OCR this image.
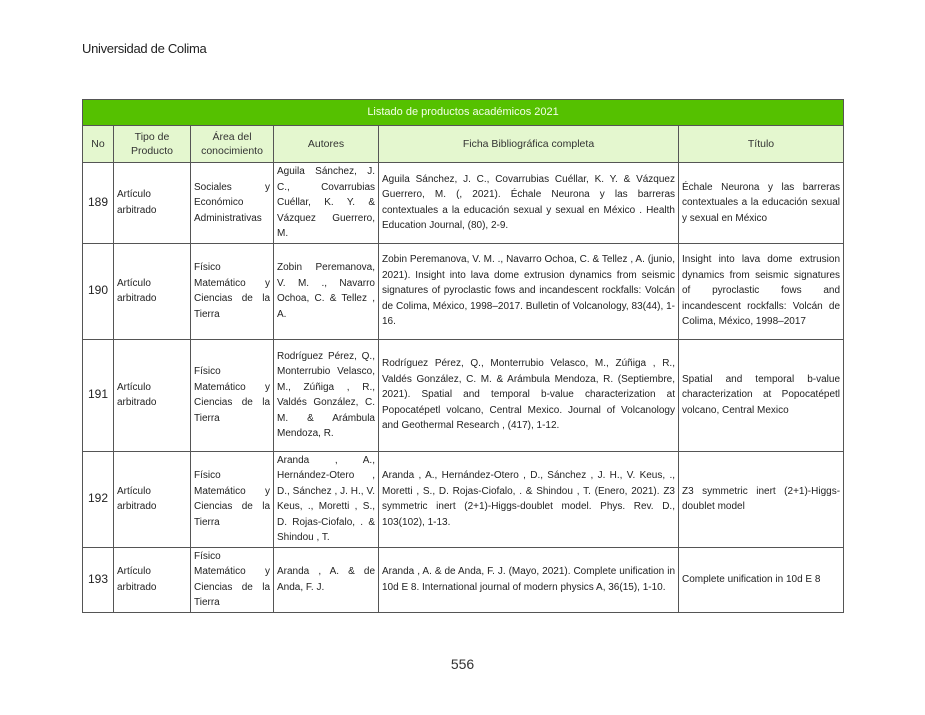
Universidad de Colima
Listado de productos académicos 2021					
No	Tipo de Producto	Área del conocimiento	Autores	Ficha Bibliográfica completa	Título
189	Artículo arbitrado	Sociales y Económico Administrativas	Aguila Sánchez, J. C., Covarrubias Cuéllar, K. Y. & Vázquez Guerrero, M.	Aguila Sánchez, J. C., Covarrubias Cuéllar, K. Y. & Vázquez Guerrero, M. (, 2021). Échale Neurona y las barreras contextuales a la educación sexual y sexual en México . Health Education Journal, (80), 2-9.	Échale Neurona y las barreras contextuales a la educación sexual y sexual en México
190	Artículo arbitrado	Físico Matemático y Ciencias de la Tierra	Zobin Peremanova, V. M. ., Navarro Ochoa, C. & Tellez , A.	Zobin Peremanova, V. M. ., Navarro Ochoa, C. & Tellez , A. (junio, 2021). Insight into lava dome extrusion dynamics from seismic signatures of pyroclastic fows and incandescent rockfalls: Volcán de Colima, México, 1998–2017. Bulletin of Volcanology, 83(44), 1-16.	Insight into lava dome extrusion dynamics from seismic signatures of pyroclastic fows and incandescent rockfalls: Volcán de Colima, México, 1998–2017
191	Artículo arbitrado	Físico Matemático y Ciencias de la Tierra	Rodríguez Pérez, Q., Monterrubio Velasco, M., Zúñiga , R., Valdés González, C. M. & Arámbula Mendoza, R.	Rodríguez Pérez, Q., Monterrubio Velasco, M., Zúñiga , R., Valdés González, C. M. & Arámbula Mendoza, R. (Septiembre, 2021). Spatial and temporal b-value characterization at Popocatépetl volcano, Central Mexico. Journal of Volcanology and Geothermal Research , (417), 1-12.	Spatial and temporal b-value characterization at Popocatépetl volcano, Central Mexico
192	Artículo arbitrado	Físico Matemático y Ciencias de la Tierra	Aranda , A., Hernández-Otero , D., Sánchez , J. H., V. Keus, ., Moretti , S., D. Rojas-Ciofalo, . & Shindou , T.	Aranda , A., Hernández-Otero , D., Sánchez , J. H., V. Keus, ., Moretti , S., D. Rojas-Ciofalo, . & Shindou , T. (Enero, 2021). Z3 symmetric inert (2+1)-Higgs-doublet model. Phys. Rev. D., 103(102), 1-13.	Z3 symmetric inert (2+1)-Higgs-doublet model
193	Artículo arbitrado	Físico Matemático y Ciencias de la Tierra	Aranda , A. & de Anda, F. J.	Aranda , A. & de Anda, F. J. (Mayo, 2021). Complete unification in 10d E 8. International journal of modern physics A, 36(15), 1-10.	Complete unification in 10d E 8
556
